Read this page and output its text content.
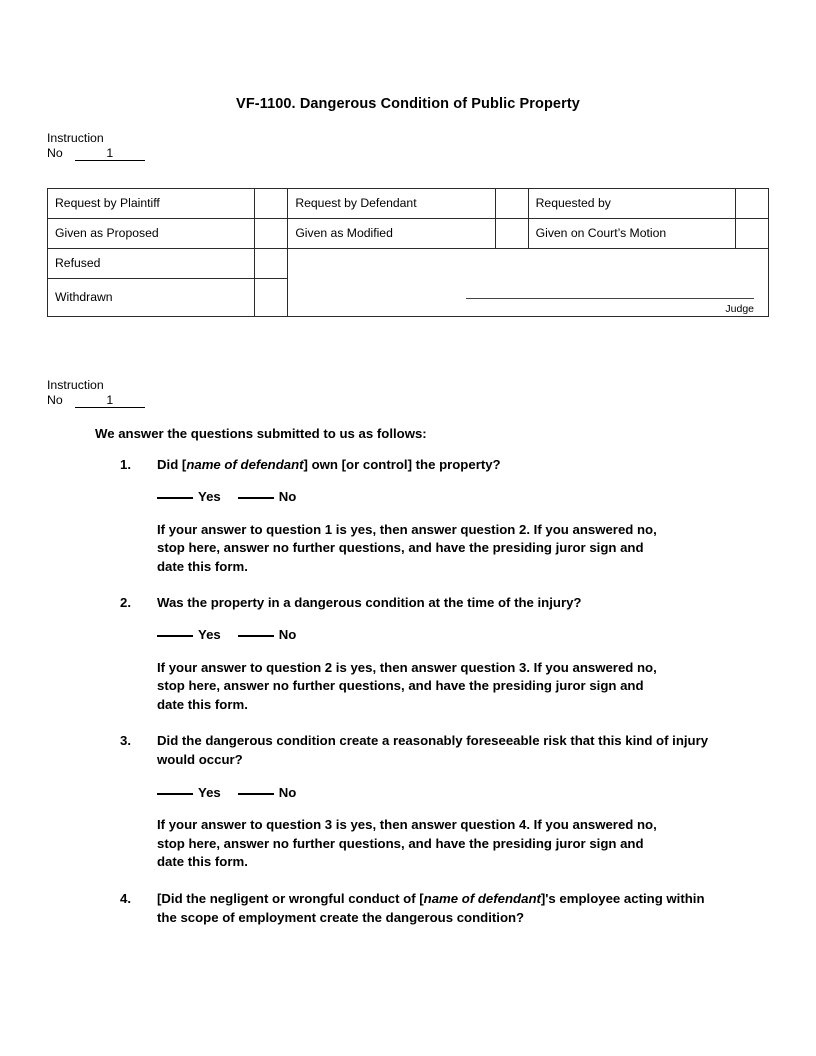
VF-1100. Dangerous Condition of Public Property
Instruction
No	1
Request by Plaintiff		Request by Defendant		Requested by	
Given as Proposed		Given as Modified		Given on Court’s Motion	
Refused		Judge			

Withdrawn					
Instruction
No	1
We answer the questions submitted to us as follows:
1.	Did [name of defendant] own [or control] the property?
Yes	No
If your answer to question 1 is yes, then answer question 2. If you answered no, stop here, answer no further questions, and have the presiding juror sign and date this form.
2.	Was the property in a dangerous condition at the time of the injury?
Yes	No
If your answer to question 2 is yes, then answer question 3. If you answered no, stop here, answer no further questions, and have the presiding juror sign and date this form.
3.	Did the dangerous condition create a reasonably foreseeable risk that this kind of injury would occur?
Yes	No
If your answer to question 3 is yes, then answer question 4. If you answered no, stop here, answer no further questions, and have the presiding juror sign and date this form.
4.	[Did the negligent or wrongful conduct of [name of defendant]'s employee acting within the scope of employment create the dangerous condition?
